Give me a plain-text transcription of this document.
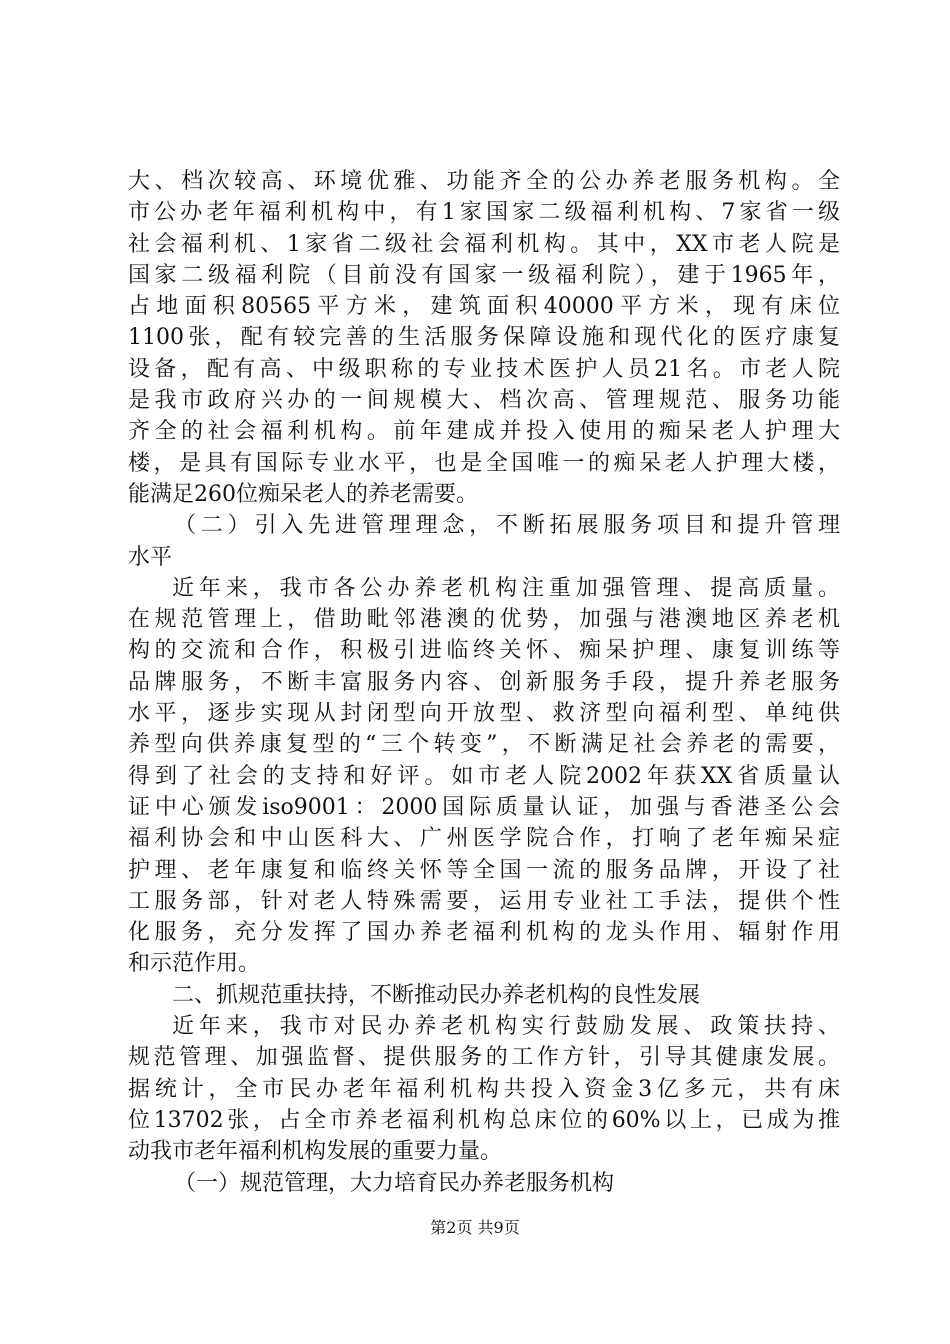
大、档次较高、环境优雅、功能齐全的公办养老服务机构。全
市公办老年福利机构中，有1家国家二级福利机构、7家省一级
社会福利机、1家省二级社会福利机构。其中，XX市老人院是
国家二级福利院（目前没有国家一级福利院），建于1965年，
占地面积80565平方米，建筑面积40000平方米，现有床位
1100张，配有较完善的生活服务保障设施和现代化的医疗康复
设备，配有高、中级职称的专业技术医护人员21名。市老人院
是我市政府兴办的一间规模大、档次高、管理规范、服务功能
齐全的社会福利机构。前年建成并投入使用的痴呆老人护理大
楼，是具有国际专业水平，也是全国唯一的痴呆老人护理大楼，
能满足260位痴呆老人的养老需要。
（二）引入先进管理理念，不断拓展服务项目和提升管理
水平
近年来，我市各公办养老机构注重加强管理、提高质量。
在规范管理上，借助毗邻港澳的优势，加强与港澳地区养老机
构的交流和合作，积极引进临终关怀、痴呆护理、康复训练等
品牌服务，不断丰富服务内容、创新服务手段，提升养老服务
水平，逐步实现从封闭型向开放型、救济型向福利型、单纯供
养型向供养康复型的“三个转变”，不断满足社会养老的需要，
得到了社会的支持和好评。如市老人院2002年获XX省质量认
证中心颁发iso9001：2000国际质量认证，加强与香港圣公会
福利协会和中山医科大、广州医学院合作，打响了老年痴呆症
护理、老年康复和临终关怀等全国一流的服务品牌，开设了社
工服务部，针对老人特殊需要，运用专业社工手法，提供个性
化服务，充分发挥了国办养老福利机构的龙头作用、辐射作用
和示范作用。
二、抓规范重扶持，不断推动民办养老机构的良性发展
近年来，我市对民办养老机构实行鼓励发展、政策扶持、
规范管理、加强监督、提供服务的工作方针，引导其健康发展。
据统计，全市民办老年福利机构共投入资金3亿多元，共有床
位13702张，占全市养老福利机构总床位的60%以上，已成为推
动我市老年福利机构发展的重要力量。
（一）规范管理，大力培育民办养老服务机构
第2页 共9页
